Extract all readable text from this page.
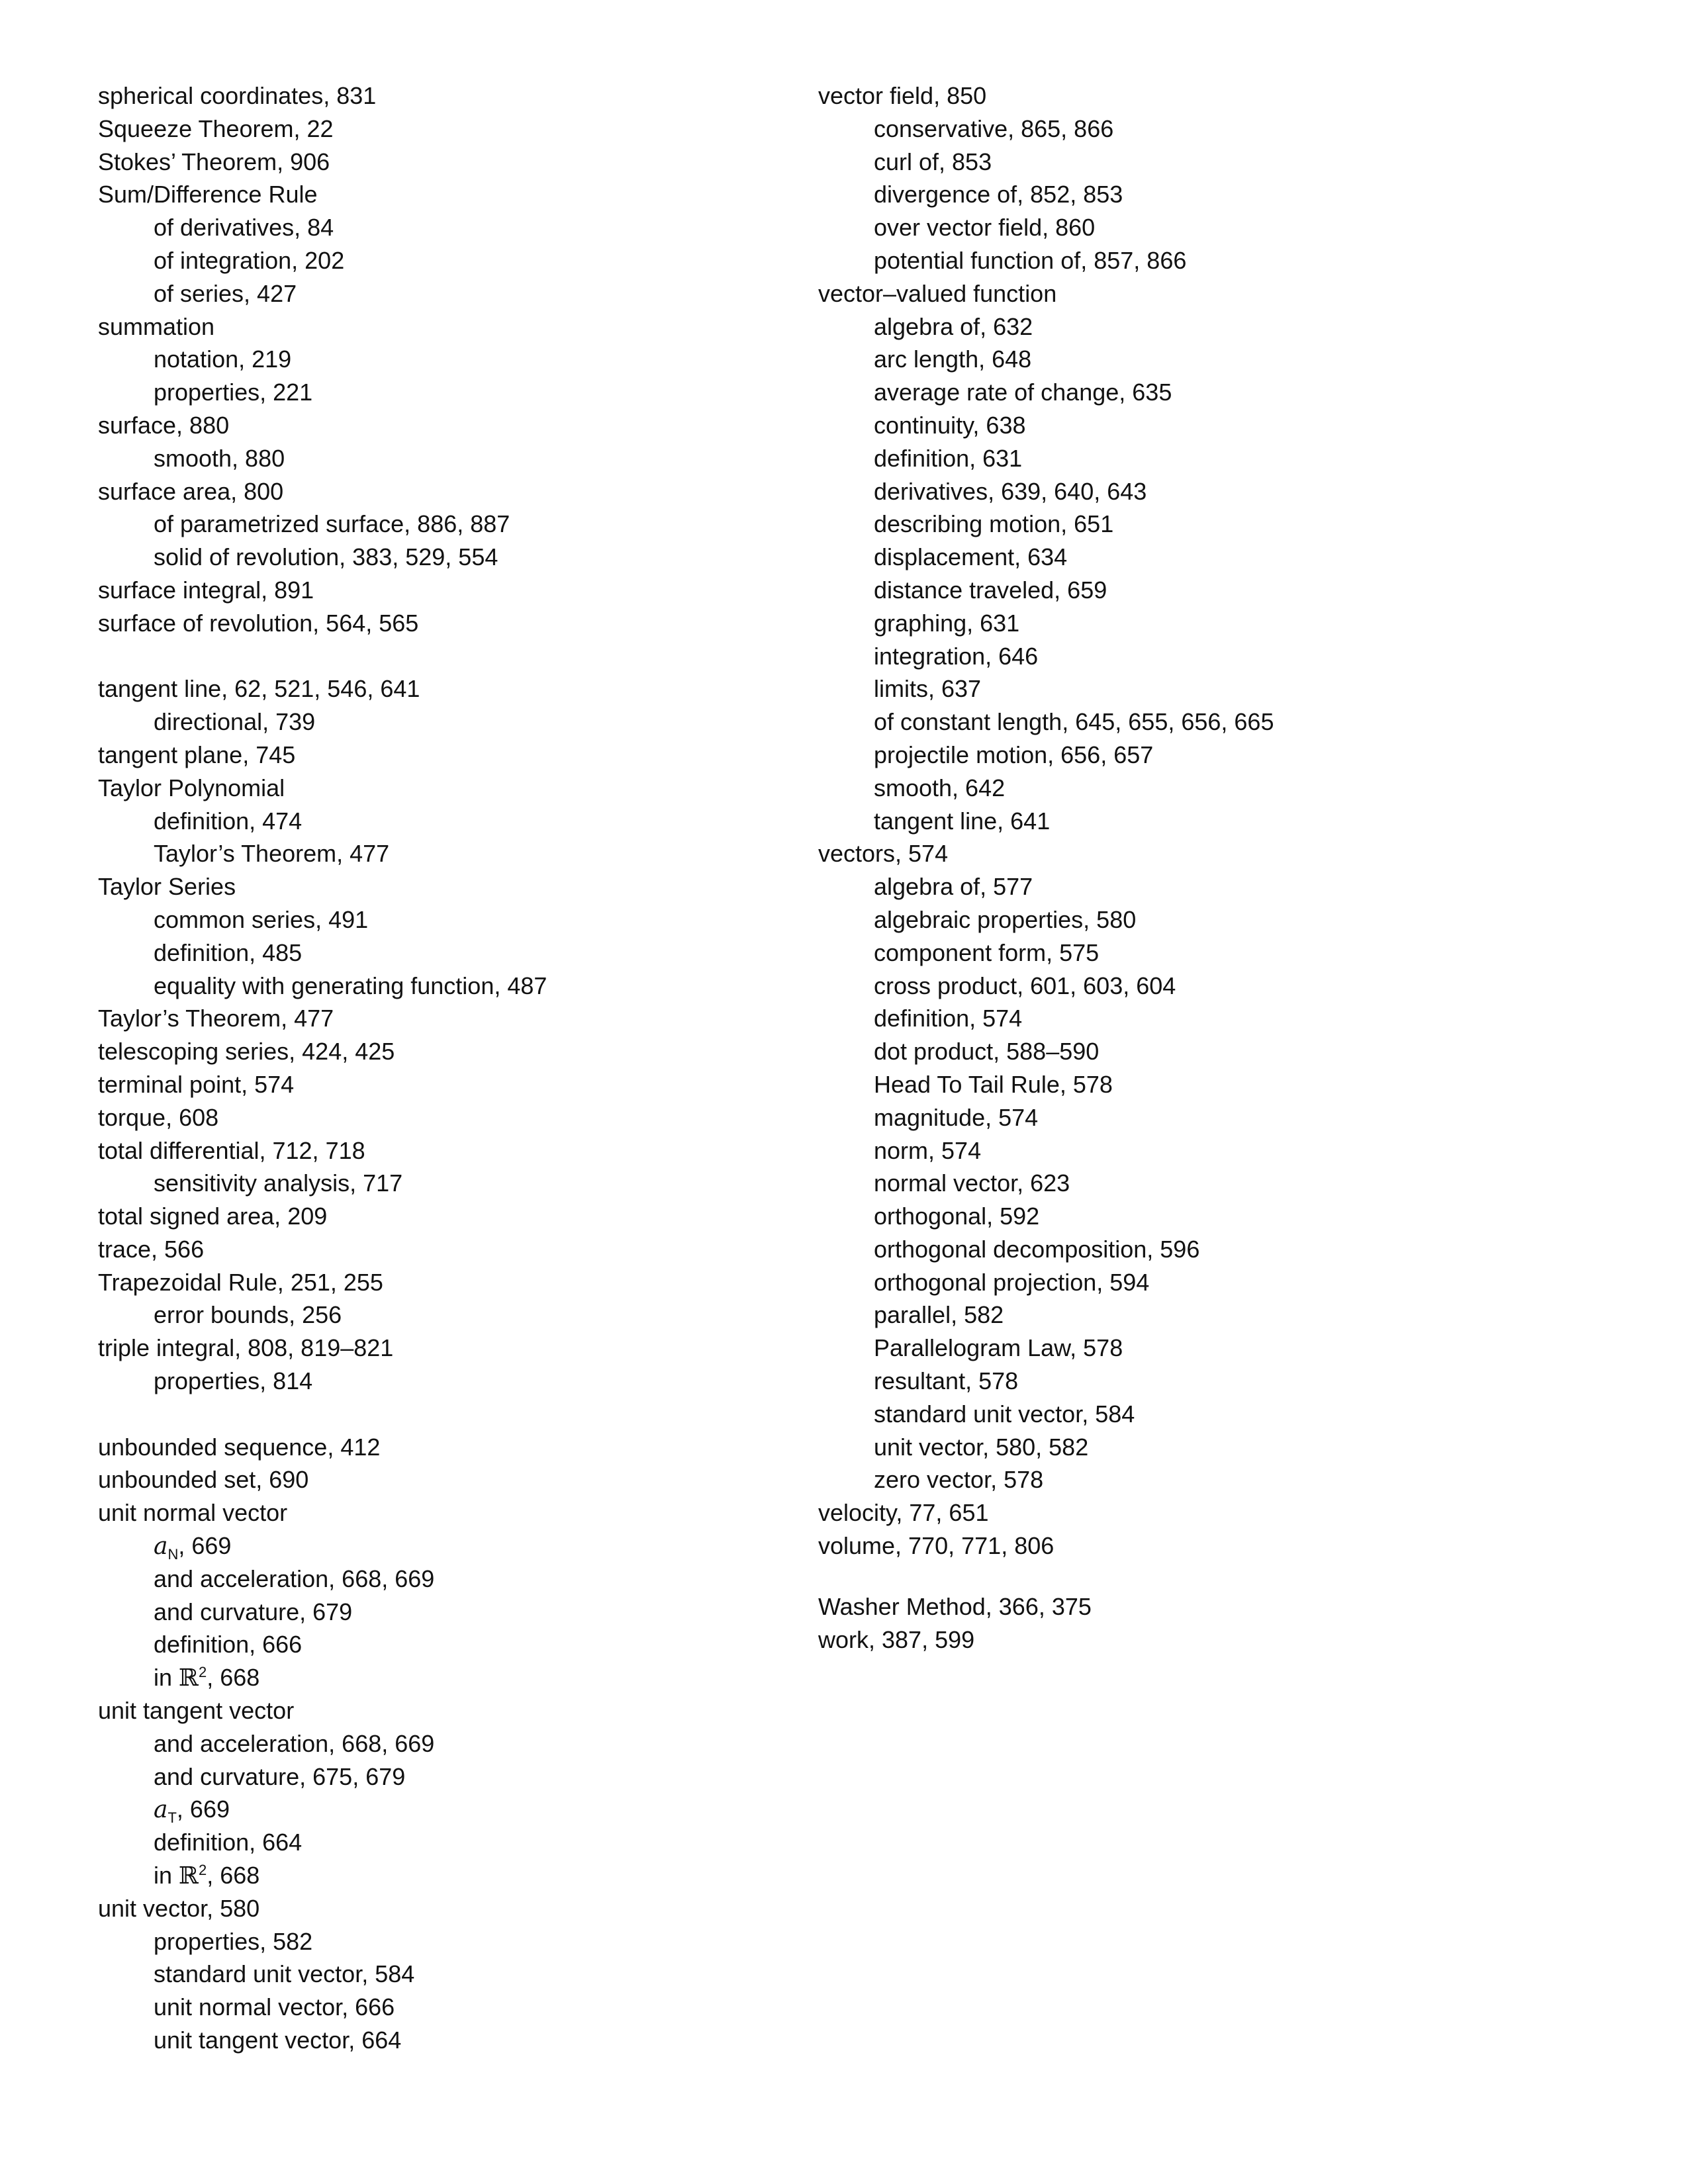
spherical coordinates, 831
Squeeze Theorem, 22
Stokes’ Theorem, 906
Sum/Difference Rule
of derivatives, 84
of integration, 202
of series, 427
summation
notation, 219
properties, 221
surface, 880
smooth, 880
surface area, 800
of parametrized surface, 886, 887
solid of revolution, 383, 529, 554
surface integral, 891
surface of revolution, 564, 565
tangent line, 62, 521, 546, 641
directional, 739
tangent plane, 745
Taylor Polynomial
definition, 474
Taylor’s Theorem, 477
Taylor Series
common series, 491
definition, 485
equality with generating function, 487
Taylor’s Theorem, 477
telescoping series, 424, 425
terminal point, 574
torque, 608
total differential, 712, 718
sensitivity analysis, 717
total signed area, 209
trace, 566
Trapezoidal Rule, 251, 255
error bounds, 256
triple integral, 808, 819–821
properties, 814
unbounded sequence, 412
unbounded set, 690
unit normal vector
$a_N$, 669
and acceleration, 668, 669
and curvature, 679
definition, 666
in ℝ$^2$, 668
unit tangent vector
and acceleration, 668, 669
and curvature, 675, 679
$a_T$, 669
definition, 664
in ℝ$^2$, 668
unit vector, 580
properties, 582
standard unit vector, 584
unit normal vector, 666
unit tangent vector, 664
vector field, 850
conservative, 865, 866
curl of, 853
divergence of, 852, 853
over vector field, 860
potential function of, 857, 866
vector–valued function
algebra of, 632
arc length, 648
average rate of change, 635
continuity, 638
definition, 631
derivatives, 639, 640, 643
describing motion, 651
displacement, 634
distance traveled, 659
graphing, 631
integration, 646
limits, 637
of constant length, 645, 655, 656, 665
projectile motion, 656, 657
smooth, 642
tangent line, 641
vectors, 574
algebra of, 577
algebraic properties, 580
component form, 575
cross product, 601, 603, 604
definition, 574
dot product, 588–590
Head To Tail Rule, 578
magnitude, 574
norm, 574
normal vector, 623
orthogonal, 592
orthogonal decomposition, 596
orthogonal projection, 594
parallel, 582
Parallelogram Law, 578
resultant, 578
standard unit vector, 584
unit vector, 580, 582
zero vector, 578
velocity, 77, 651
volume, 770, 771, 806
Washer Method, 366, 375
work, 387, 599
